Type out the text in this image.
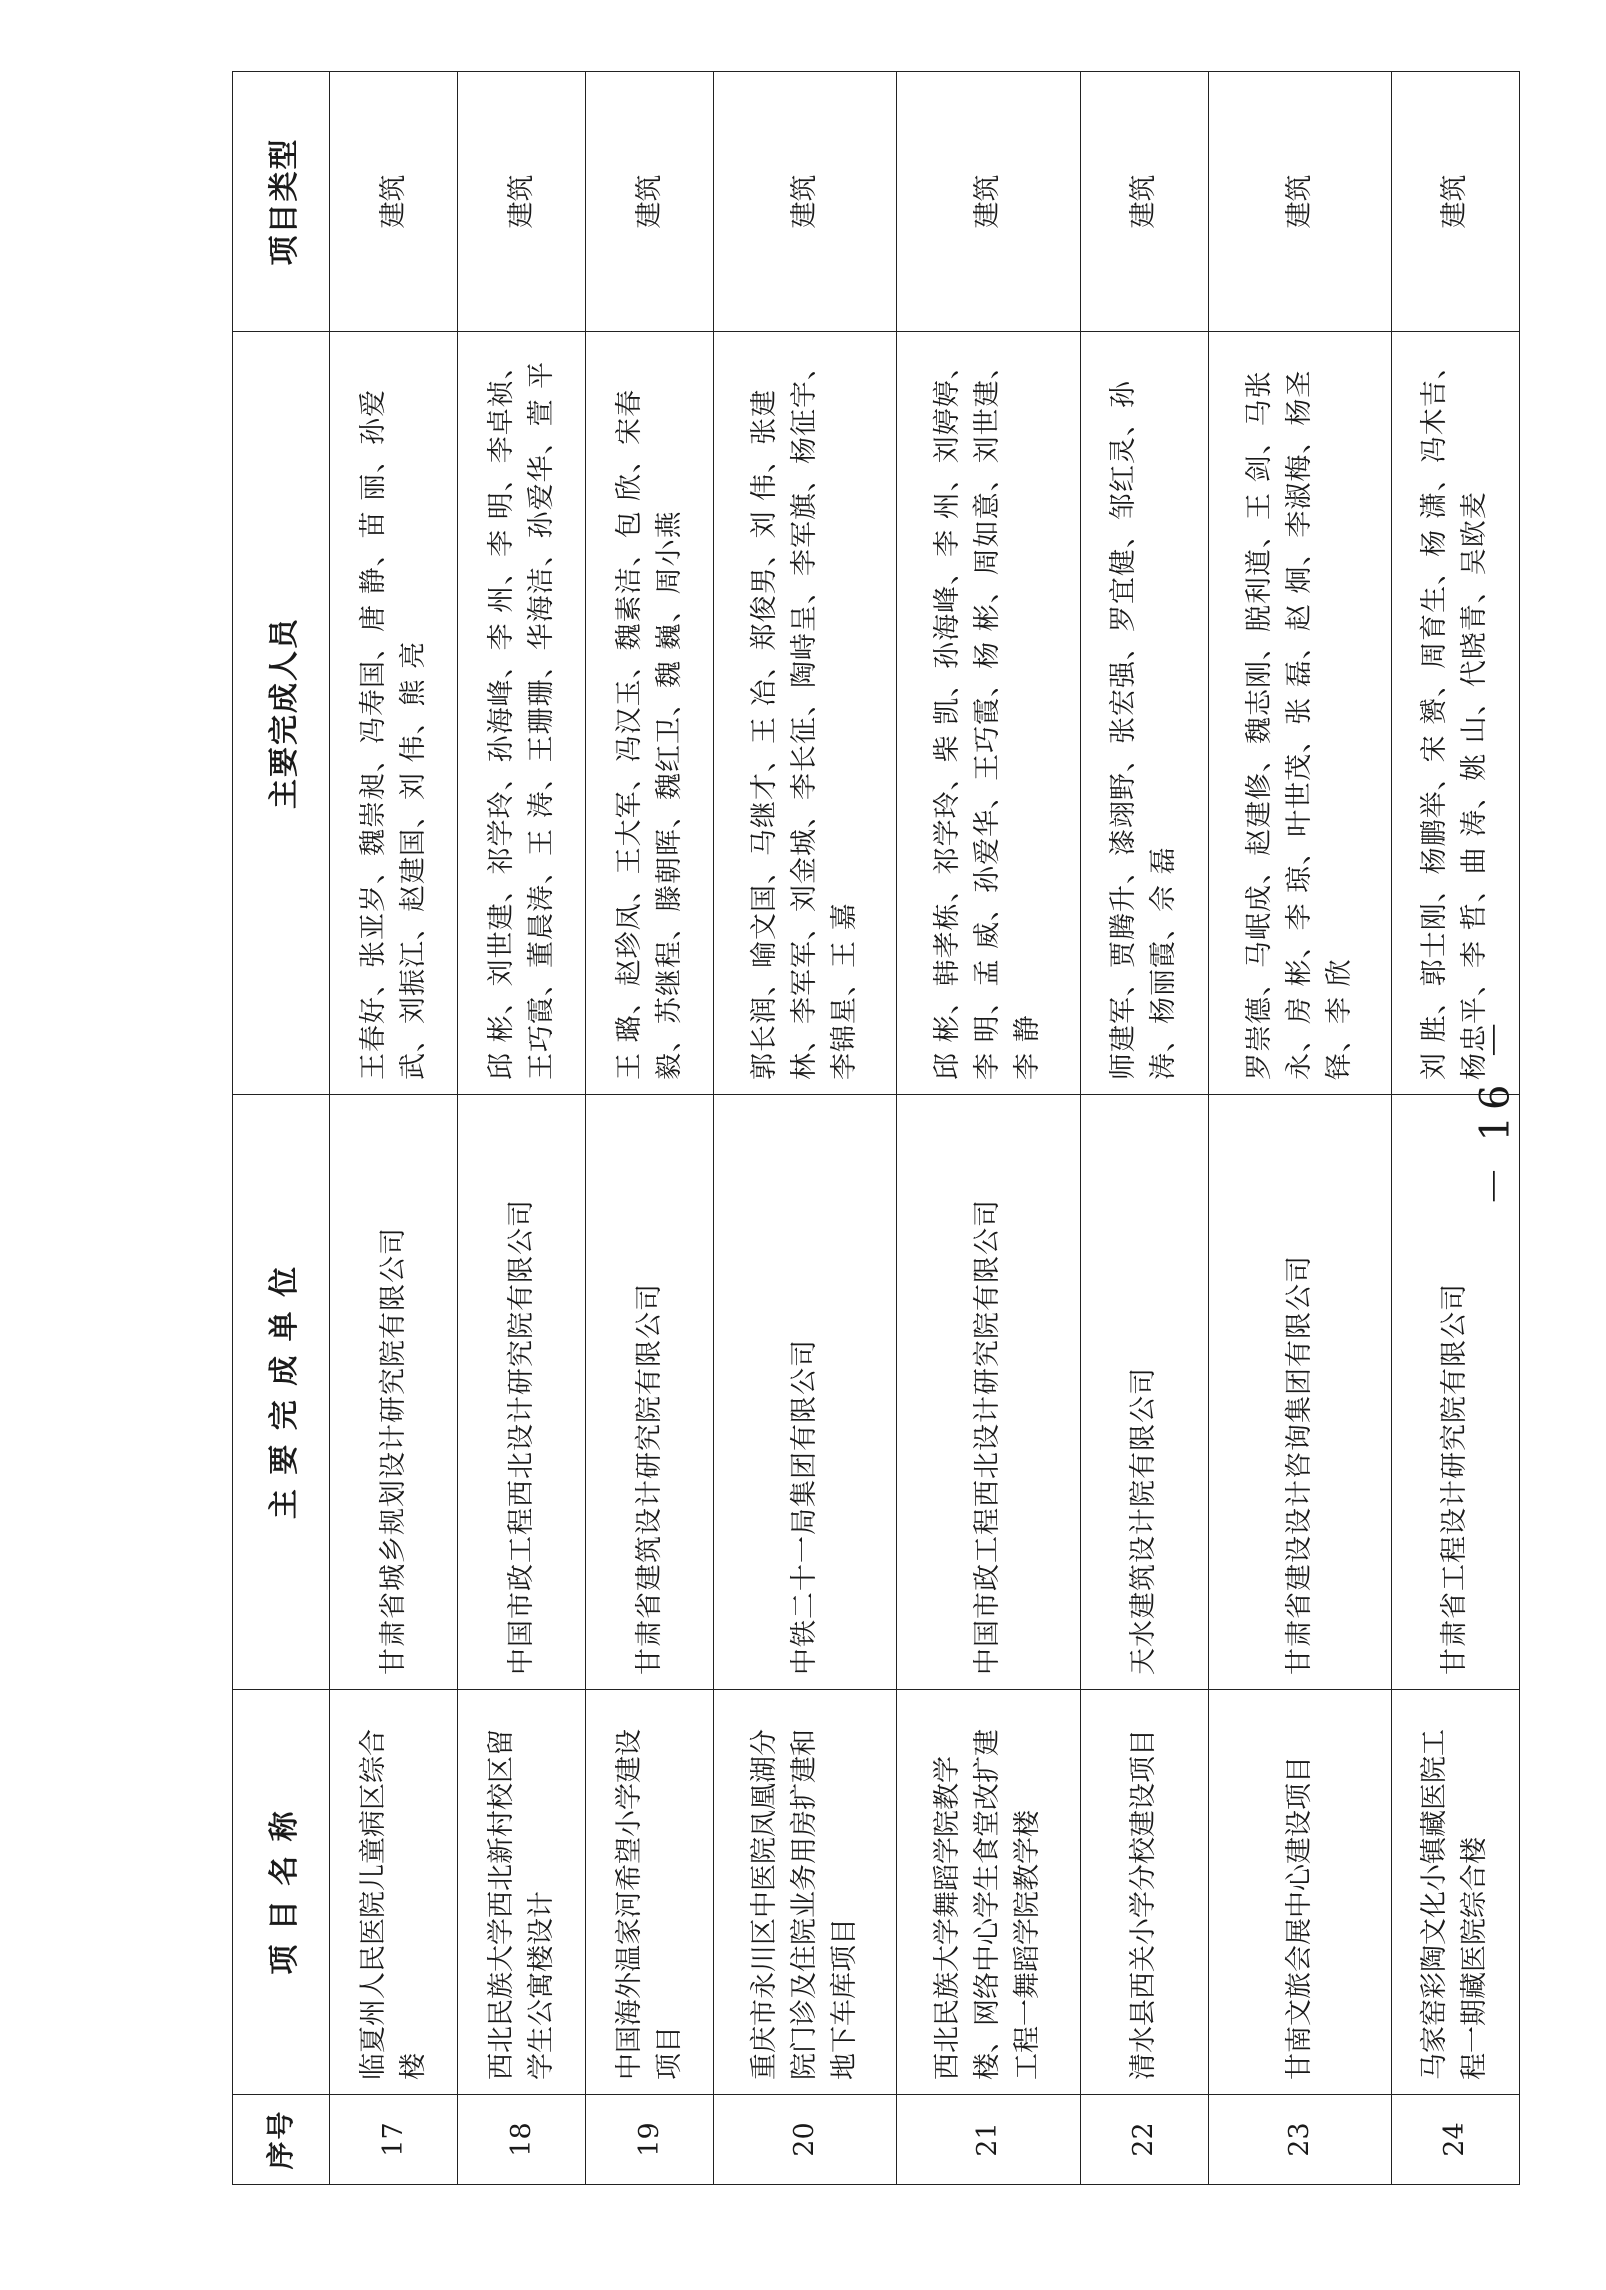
序号	项 目 名 称	主 要 完 成 单 位	主要完成人员	项目类型
17	临夏州人民医院儿童病区综合楼	甘肃省城乡规划设计研究院有限公司	王春好、张亚岁、魏崇昶、冯寿国、唐 静、苗 丽、孙爱武、刘振江、赵建国、刘 伟、熊 亮	建筑
18	西北民族大学西北新村校区留学生公寓楼设计	中国市政工程西北设计研究院有限公司	邱 彬、刘世建、祁学玲、孙海峰、李 州、李 明、李卓祯、王巧霞、董晨涛、王 涛、王珊珊、华海洁、孙爱华、萱 平	建筑
19	中国海外温家河希望小学建设项目	甘肃省建筑设计研究院有限公司	王 璐、赵珍凤、王大军、冯汉玉、魏素洁、包 欣、宋春毅、苏继程、滕朝晖、魏红卫、魏 巍、周小燕	建筑
20	重庆市永川区中医院凤凰湖分院门诊及住院业务用房扩建和地下车库项目	中铁二十一局集团有限公司	郭长润、喻文国、马继才、王 冶、郑俊男、刘 伟、张建林、李军军、刘金城、李长征、陶峙呈、李军旗、杨征宇、李锦星、王 嘉	建筑
21	西北民族大学舞蹈学院教学楼、网络中心学生食堂改扩建工程一舞蹈学院教学楼	中国市政工程西北设计研究院有限公司	邱 彬、韩孝栋、祁学玲、柴 凯、孙海峰、李 州、刘婷婷、李 明、孟 威、孙爱华、王巧霞、杨 彬、周如意、刘世建、李 静	建筑
22	清水县西关小学分校建设项目	天水建筑设计院有限公司	师建军、贾腾升、漆翊野、张宏强、罗宜健、邹红灵、孙 涛、杨丽霞、佘 磊	建筑
23	甘南文旅会展中心建设项目	甘肃省建设设计咨询集团有限公司	罗崇德、马岷成、赵建修、魏志刚、脱利道、王 剑、马张永、房 彬、李 琼、叶世茂、张 磊、赵 炯、李淑梅、杨圣铎、李 欣	建筑
24	马家窑彩陶文化小镇藏医院工程一期藏医院综合楼	甘肃省工程设计研究院有限公司	刘 胜、郭士刚、杨鹏举、宋 赟、周育生、杨 潇、冯木吉、杨忠平、李 哲、曲 涛、姚 山、代晓青、吴欧麦	建筑
－ 16 －
